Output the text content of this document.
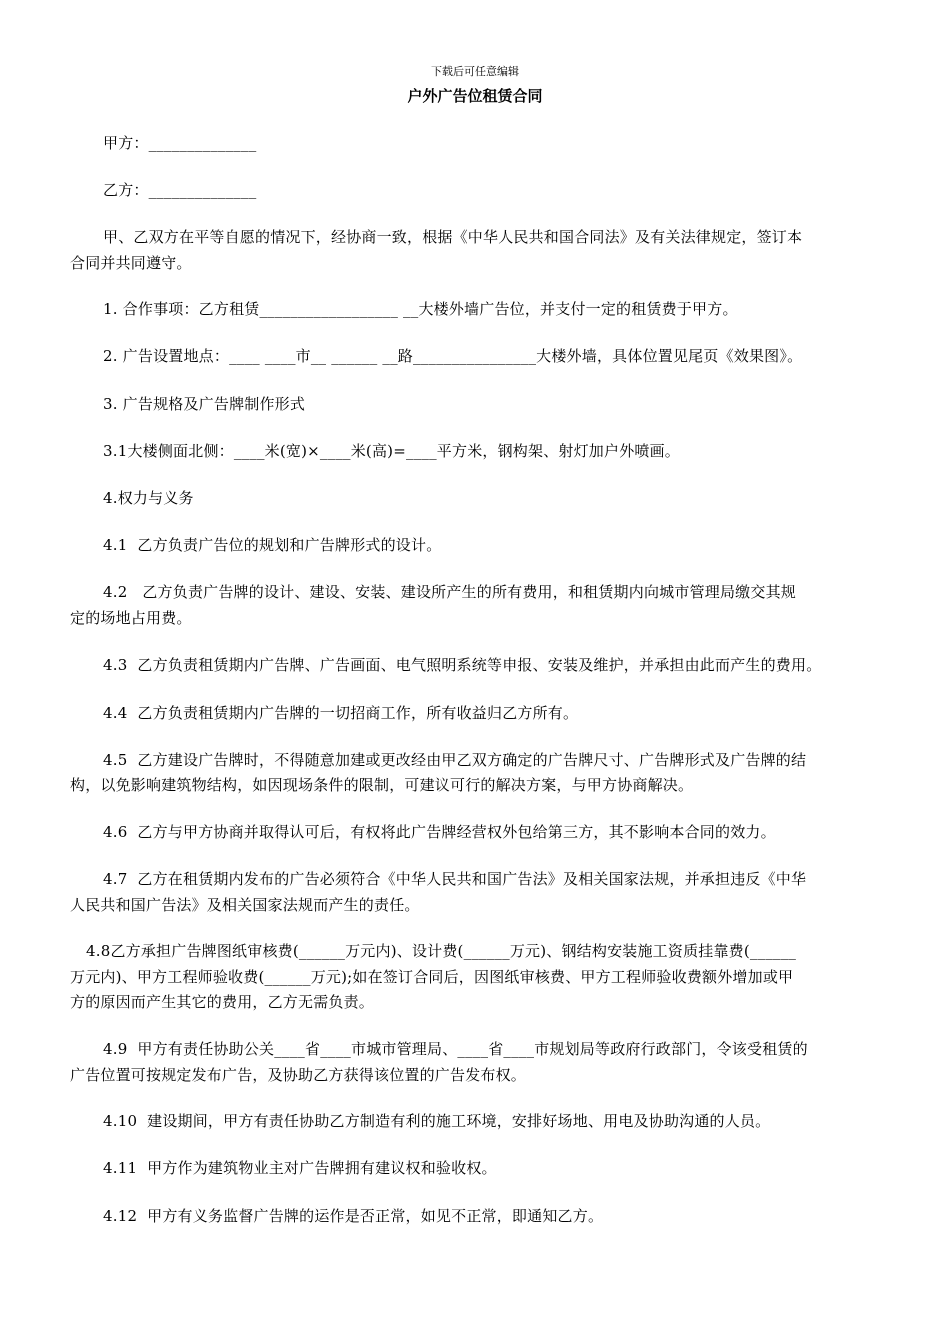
下载后可任意编辑
户外广告位租赁合同
甲方：______________
乙方：______________
甲、乙双方在平等自愿的情况下，经协商一致，根据《中华人民共和国合同法》及有关法律规定，签订本
合同并共同遵守。
1. 合作事项：乙方租赁__________________ __大楼外墙广告位，并支付一定的租赁费于甲方。
2. 广告设置地点：____ ____市__ ______ __路________________大楼外墙，具体位置见尾页《效果图》。
3. 广告规格及广告牌制作形式
3.1大楼侧面北侧：____米(宽)×____米(高)=____平方米，钢构架、射灯加户外喷画。
4.权力与义务
4.1  乙方负责广告位的规划和广告牌形式的设计。
4.2   乙方负责广告牌的设计、建设、安装、建设所产生的所有费用，和租赁期内向城市管理局缴交其规
定的场地占用费。
4.3  乙方负责租赁期内广告牌、广告画面、电气照明系统等申报、安装及维护，并承担由此而产生的费用。
4.4  乙方负责租赁期内广告牌的一切招商工作，所有收益归乙方所有。
4.5  乙方建设广告牌时，不得随意加建或更改经由甲乙双方确定的广告牌尺寸、广告牌形式及广告牌的结
构，以免影响建筑物结构，如因现场条件的限制，可建议可行的解决方案，与甲方协商解决。
4.6  乙方与甲方协商并取得认可后，有权将此广告牌经营权外包给第三方，其不影响本合同的效力。
4.7  乙方在租赁期内发布的广告必须符合《中华人民共和国广告法》及相关国家法规，并承担违反《中华
人民共和国广告法》及相关国家法规而产生的责任。
4.8乙方承担广告牌图纸审核费(______万元内)、设计费(______万元)、钢结构安装施工资质挂靠费(______
万元内)、甲方工程师验收费(______万元);如在签订合同后，因图纸审核费、甲方工程师验收费额外增加或甲
方的原因而产生其它的费用，乙方无需负责。
4.9  甲方有责任协助公关____省____市城市管理局、____省____市规划局等政府行政部门，令该受租赁的
广告位置可按规定发布广告，及协助乙方获得该位置的广告发布权。
4.10  建设期间，甲方有责任协助乙方制造有利的施工环境，安排好场地、用电及协助沟通的人员。
4.11  甲方作为建筑物业主对广告牌拥有建议权和验收权。
4.12  甲方有义务监督广告牌的运作是否正常，如见不正常，即通知乙方。
